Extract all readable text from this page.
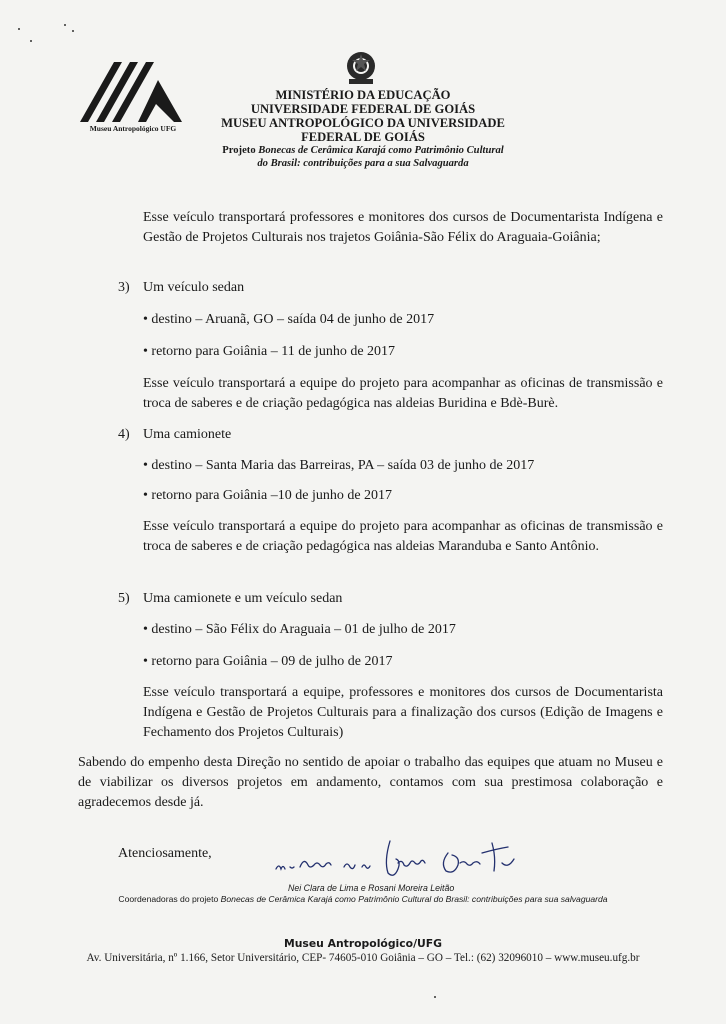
Museu Antropológico UFG
MINISTÉRIO DA EDUCAÇÃO
UNIVERSIDADE FEDERAL DE GOIÁS
MUSEU ANTROPOLÓGICO DA UNIVERSIDADE
FEDERAL DE GOIÁS
Projeto Bonecas de Cerâmica Karajá como Patrimônio Cultural
do Brasil: contribuições para a sua Salvaguarda
Esse veículo transportará professores e monitores dos cursos de Documentarista Indígena e Gestão de Projetos Culturais nos trajetos Goiânia-São Félix do Araguaia-Goiânia;
3) Um veículo sedan
• destino – Aruanã, GO – saída 04 de junho de 2017
• retorno para Goiânia – 11 de junho de 2017
Esse veículo transportará a equipe do projeto para acompanhar as oficinas de transmissão e troca de saberes e de criação pedagógica nas aldeias Buridina e Bdè-Burè.
4) Uma camionete
• destino – Santa Maria das Barreiras, PA – saída 03 de junho de 2017
• retorno para Goiânia –10 de junho de 2017
Esse veículo transportará a equipe do projeto para acompanhar as oficinas de transmissão e troca de saberes e de criação pedagógica nas aldeias Maranduba e Santo Antônio.
5) Uma camionete e um veículo sedan
• destino – São Félix do Araguaia – 01 de julho de 2017
• retorno para Goiânia – 09 de julho de 2017
Esse veículo transportará a equipe, professores e monitores dos cursos de Documentarista Indígena e Gestão de Projetos Culturais para a finalização dos cursos (Edição de Imagens e Fechamento dos Projetos Culturais)
Sabendo do empenho desta Direção no sentido de apoiar o trabalho das equipes que atuam no Museu e de viabilizar os diversos projetos em andamento, contamos com sua prestimosa colaboração e agradecemos desde já.
Atenciosamente,
Nei Clara de Lima e Rosani Moreira Leitão
Coordenadoras do projeto Bonecas de Cerâmica Karajá como Patrimônio Cultural do Brasil: contribuições para sua salvaguarda
Museu Antropológico/UFG
Av. Universitária, nº 1.166, Setor Universitário, CEP- 74605-010 Goiânia – GO – Tel.: (62) 32096010 – www.museu.ufg.br
